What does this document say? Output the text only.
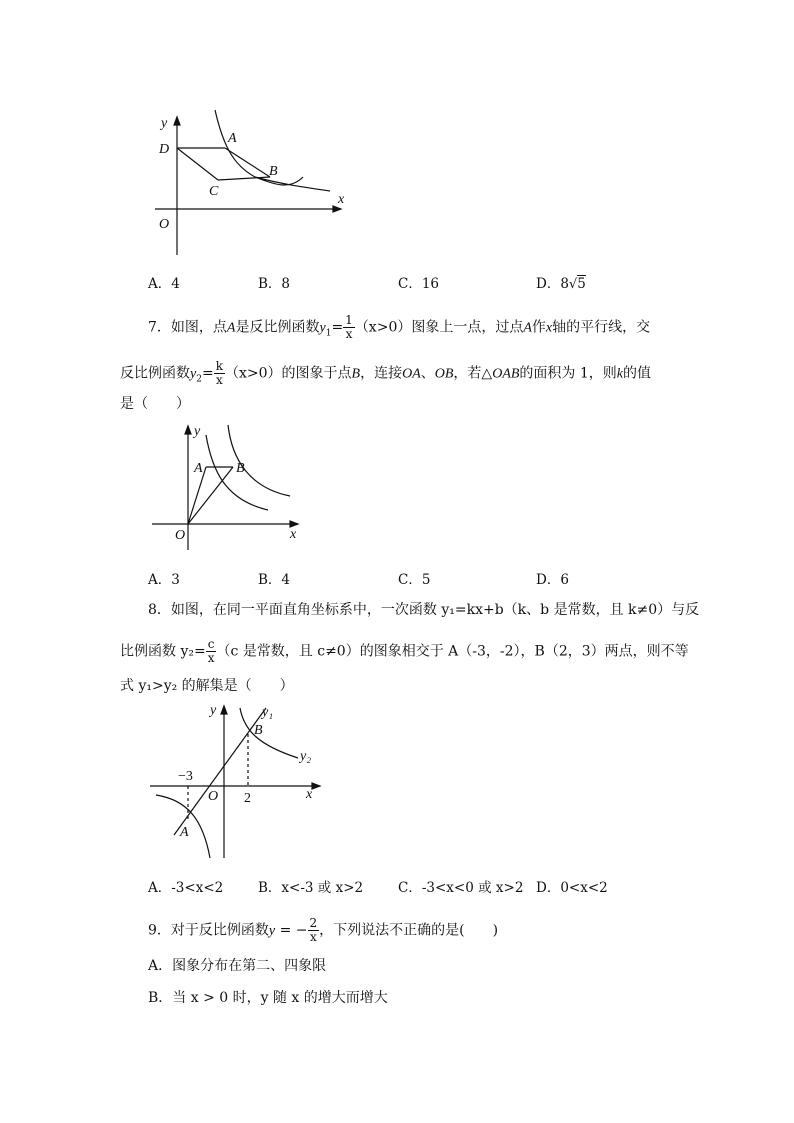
y
x
O
D
A
B
C
A．4	B．8	C．16	D．8√5
7．如图，点A是反比例函数$y_1= \frac{1}{x} (x>0)$图象上一点，过点A作x轴的平行线，交
反比例函数$y_2= \frac{k}{x} (x>0)$的图象于点B，连接OA、OB，若△OAB的面积为 1，则k的值
是（　　）
y
x
O
A B
A．3	B．4	C．5	D．6
8．如图，在同一平面直角坐标系中，一次函数 y₁=kx+b（k、b 是常数，且 k≠0）与反
比例函数 $y_2= \frac{c}{x} (c$ 是常数，且 c≠0）的图象相交于 A（-3，-2），B（2，3）两点，则不等
式 y₁>y₂ 的解集是（　　）
y	y₁
y₂
x
O
B
A
−3
2
A．-3<x<2	B．x<-3 或 x>2	C．-3<x<0 或 x>2 D．0<x<2
9．对于反比例函数y = − $\frac{2}{x}$ ，下列说法不正确的是(　　)
A．图象分布在第二、四象限
B．当 x > 0 时，y 随 x 的增大而增大
